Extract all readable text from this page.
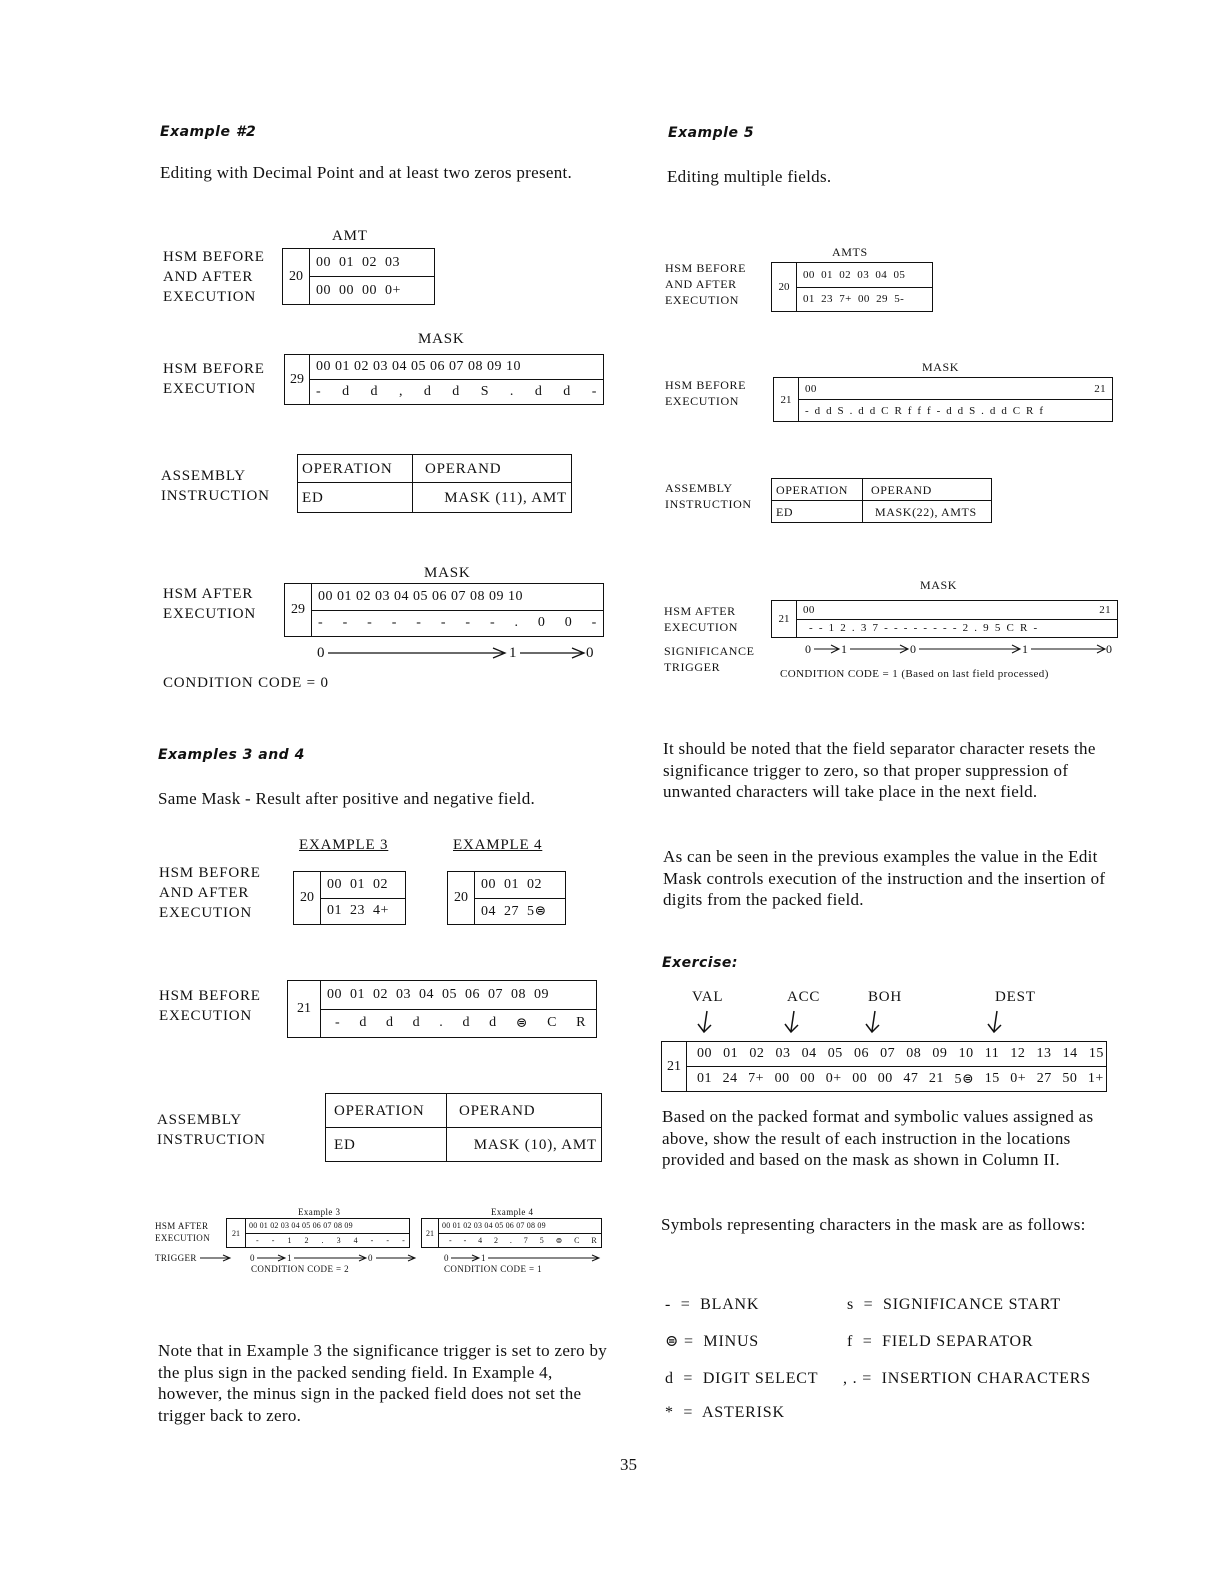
Example #2
Editing with Decimal Point and at least two zeros present.
AMT
HSM BEFORE
AND AFTER
EXECUTION
20
00  01  02  03
00  00  00  0+
MASK
HSM BEFORE
EXECUTION
29
00 01 02 03 04 05 06 07 08 09 10
- d d , d d S . d d -
ASSEMBLY
INSTRUCTION
OPERATION	OPERAND
ED	MASK (11), AMT
MASK
HSM AFTER
EXECUTION	29
00 01 02 03 04 05 06 07 08 09 10
- - - - - - - - . 0 0 -
0	1	0
CONDITION CODE = 0
Example 5
Editing multiple fields.
AMTS
HSM BEFORE
AND AFTER
EXECUTION
20
00  01  02  03  04  05
01  23  7+  00  29  5-
MASK
HSM BEFORE
EXECUTION	21
00	21
- d d S . d d C R f f f - d d S . d d C R f
ASSEMBLY
INSTRUCTION
OPERATION	OPERAND
ED	MASK(22), AMTS
MASK
HSM AFTER
EXECUTION
21
00	21
- - 1 2 . 3 7 - - - - - - - - 2 . 9 5 C R -
SIGNIFICANCE
TRIGGER
0 1	0	1	0
CONDITION CODE = 1 (Based on last field processed)
Examples 3 and 4
Same Mask - Result after positive and negative field.
EXAMPLE 3	EXAMPLE 4
HSM BEFORE
AND AFTER
EXECUTION
20
00  01  02
01  23  4+
20
00  01  02
04  27  5⊜
HSM BEFORE
EXECUTION	21
00  01  02  03  04  05  06  07  08  09
- d d d . d d ⊜ C R
ASSEMBLY
INSTRUCTION
OPERATION	OPERAND
ED	MASK (10), AMT
Example 3	Example 4
HSM AFTER
EXECUTION	21
00 01 02 03 04 05 06 07 08 09
- - 1 2 . 3 4 - - -
21
00 01 02 03 04 05 06 07 08 09
- - 4 2 . 7 5 ⊜ C R
TRIGGER	0	1	0	0	1
CONDITION CODE = 2	CONDITION CODE = 1
Note that in Example 3 the significance trigger is set to zero by the plus sign in the packed sending field. In Example 4, however, the minus sign in the packed field does not set the trigger back to zero.
It should be noted that the field separator character resets the significance trigger to zero, so that proper suppression of unwanted characters will take place in the next field.
As can be seen in the previous examples the value in the Edit Mask controls execution of the instruction and the insertion of digits from the packed field.
Exercise:
VAL	ACC	BOH	DEST
21
00 01 02 03 04 05 06 07 08 09 10 11 12 13 14 15
01 24 7+ 00 00 0+ 00 00 47 21 5⊜ 15 0+ 27 50 1+
Based on the packed format and symbolic values assigned as above, show the result of each instruction in the locations provided and based on the mask as shown in Column II.
Symbols representing characters in the mask are as follows:
-  =  BLANK	s  =  SIGNIFICANCE START
⊜ =  MINUS	f  =  FIELD SEPARATOR
d  =  DIGIT SELECT , . =  INSERTION CHARACTERS
*  =  ASTERISK
35
